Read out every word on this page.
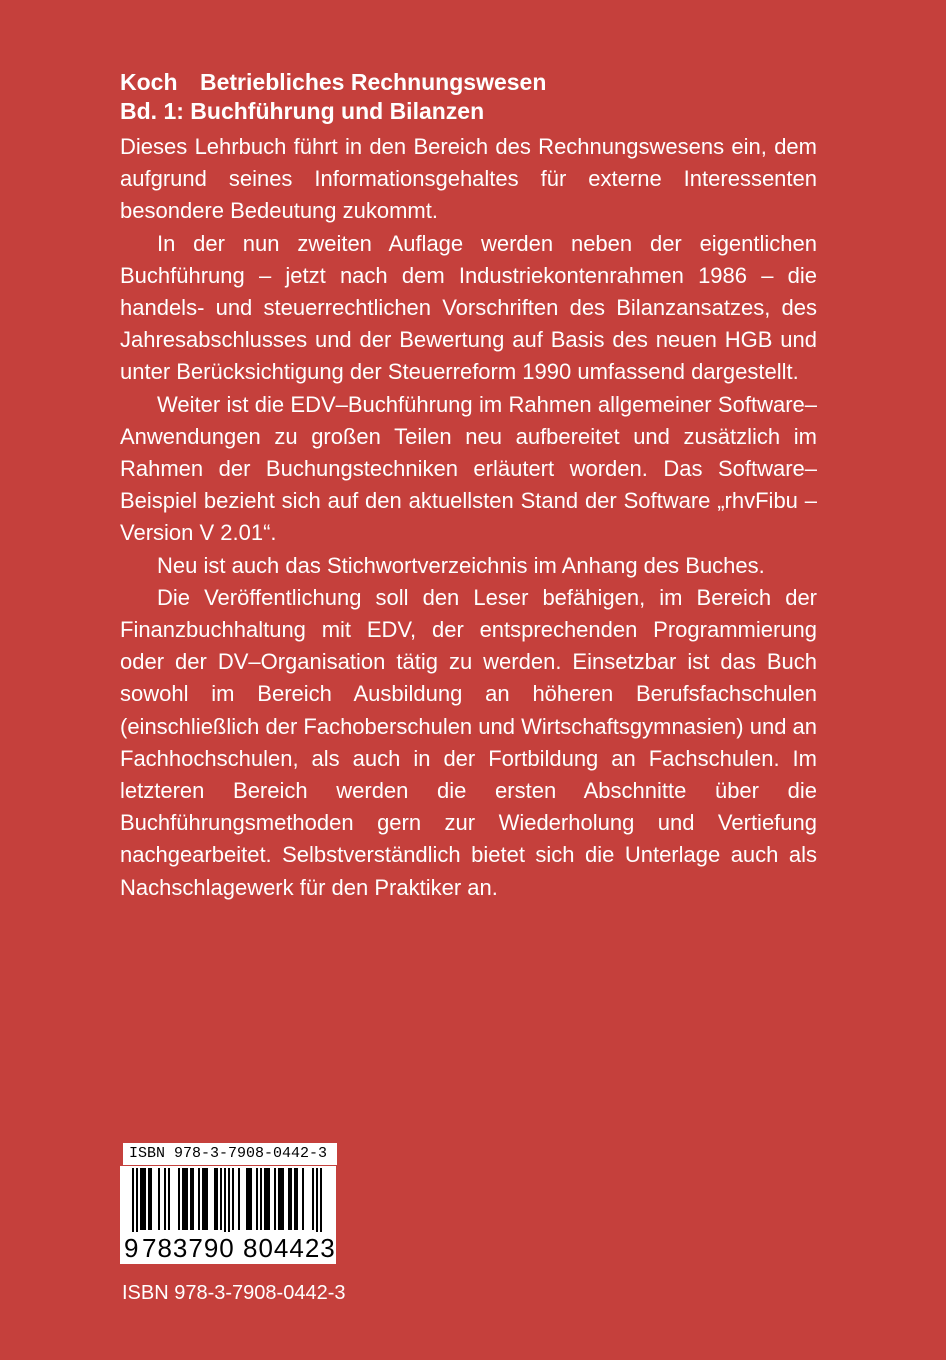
Koch Betriebliches Rechnungswesen
Bd. 1: Buchführung und Bilanzen

Dieses Lehrbuch führt in den Bereich des Rechnungswesens ein, dem aufgrund seines Informationsgehaltes für externe Interessenten besondere Bedeutung zukommt.

In der nun zweiten Auflage werden neben der eigentlichen Buchführung – jetzt nach dem Industriekontenrahmen 1986 – die handels- und steuerrechtlichen Vorschriften des Bilanzansatzes, des Jahresabschlusses und der Bewertung auf Basis des neuen HGB und unter Berücksichtigung der Steuerreform 1990 umfassend dargestellt.

Weiter ist die EDV–Buchführung im Rahmen allgemeiner Software–Anwendungen zu großen Teilen neu aufbereitet und zusätzlich im Rahmen der Buchungstechniken erläutert worden. Das Software–Beispiel bezieht sich auf den aktuellsten Stand der Software „rhvFibu – Version V 2.01“.

Neu ist auch das Stichwortverzeichnis im Anhang des Buches.

Die Veröffentlichung soll den Leser befähigen, im Bereich der Finanzbuchhaltung mit EDV, der entsprechenden Programmierung oder der DV–Organisation tätig zu werden. Einsetzbar ist das Buch sowohl im Bereich Ausbildung an höheren Berufsfachschulen (einschließlich der Fachoberschulen und Wirtschaftsgymnasien) und an Fachhochschulen, als auch in der Fortbildung an Fachschulen. Im letzteren Bereich werden die ersten Abschnitte über die Buchführungsmethoden gern zur Wiederholung und Vertiefung nachgearbeitet. Selbstverständlich bietet sich die Unterlage auch als Nachschlagewerk für den Praktiker an.

ISBN 978-3-7908-0442-3
9783790 804423
ISBN 978-3-7908-0442-3
